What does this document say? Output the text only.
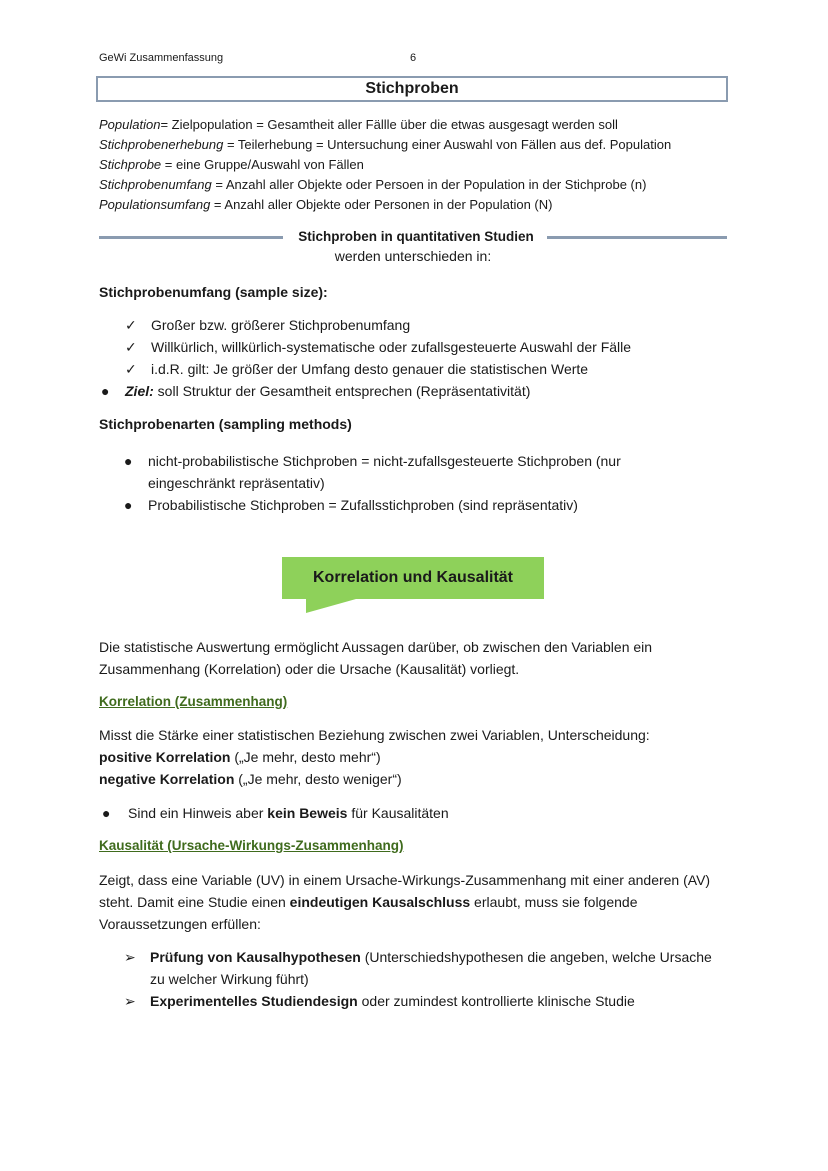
GeWi Zusammenfassung	6
Stichproben
Population= Zielpopulation = Gesamtheit aller Fällle über die etwas ausgesagt werden soll
Stichprobenerhebung = Teilerhebung = Untersuchung einer Auswahl von Fällen aus def. Population
Stichprobe = eine Gruppe/Auswahl von Fällen
Stichprobenumfang = Anzahl aller Objekte oder Persoen in der Population in der Stichprobe (n)
Populationsumfang = Anzahl aller Objekte oder Personen in der Population (N)
Stichproben in quantitativen Studien
werden unterschieden in:
Stichprobenumfang (sample size):
✓	Großer bzw. größerer Stichprobenumfang
✓	Willkürlich, willkürlich-systematische oder zufallsgesteuerte Auswahl der Fälle
✓	i.d.R. gilt: Je größer der Umfang desto genauer die statistischen Werte
●	Ziel: soll Struktur der Gesamtheit entsprechen (Repräsentativität)
Stichprobenarten (sampling methods)
●	nicht-probabilistische Stichproben = nicht-zufallsgesteuerte Stichproben (nur eingeschränkt repräsentativ)
●	Probabilistische Stichproben = Zufallsstichproben (sind repräsentativ)
Korrelation und Kausalität
Die statistische Auswertung ermöglicht Aussagen darüber, ob zwischen den Variablen ein Zusammenhang (Korrelation) oder die Ursache (Kausalität) vorliegt.
Korrelation (Zusammenhang)
Misst die Stärke einer statistischen Beziehung zwischen zwei Variablen, Unterscheidung:
positive Korrelation („Je mehr, desto mehr“)
negative Korrelation („Je mehr, desto weniger“)
●	Sind ein Hinweis aber kein Beweis für Kausalitäten
Kausalität (Ursache-Wirkungs-Zusammenhang)
Zeigt, dass eine Variable (UV) in einem Ursache-Wirkungs-Zusammenhang mit einer anderen (AV) steht. Damit eine Studie einen eindeutigen Kausalschluss erlaubt, muss sie folgende Voraussetzungen erfüllen:
➢	Prüfung von Kausalhypothesen (Unterschiedshypothesen die angeben, welche Ursache zu welcher Wirkung führt)
➢	Experimentelles Studiendesign oder zumindest kontrollierte klinische Studie
